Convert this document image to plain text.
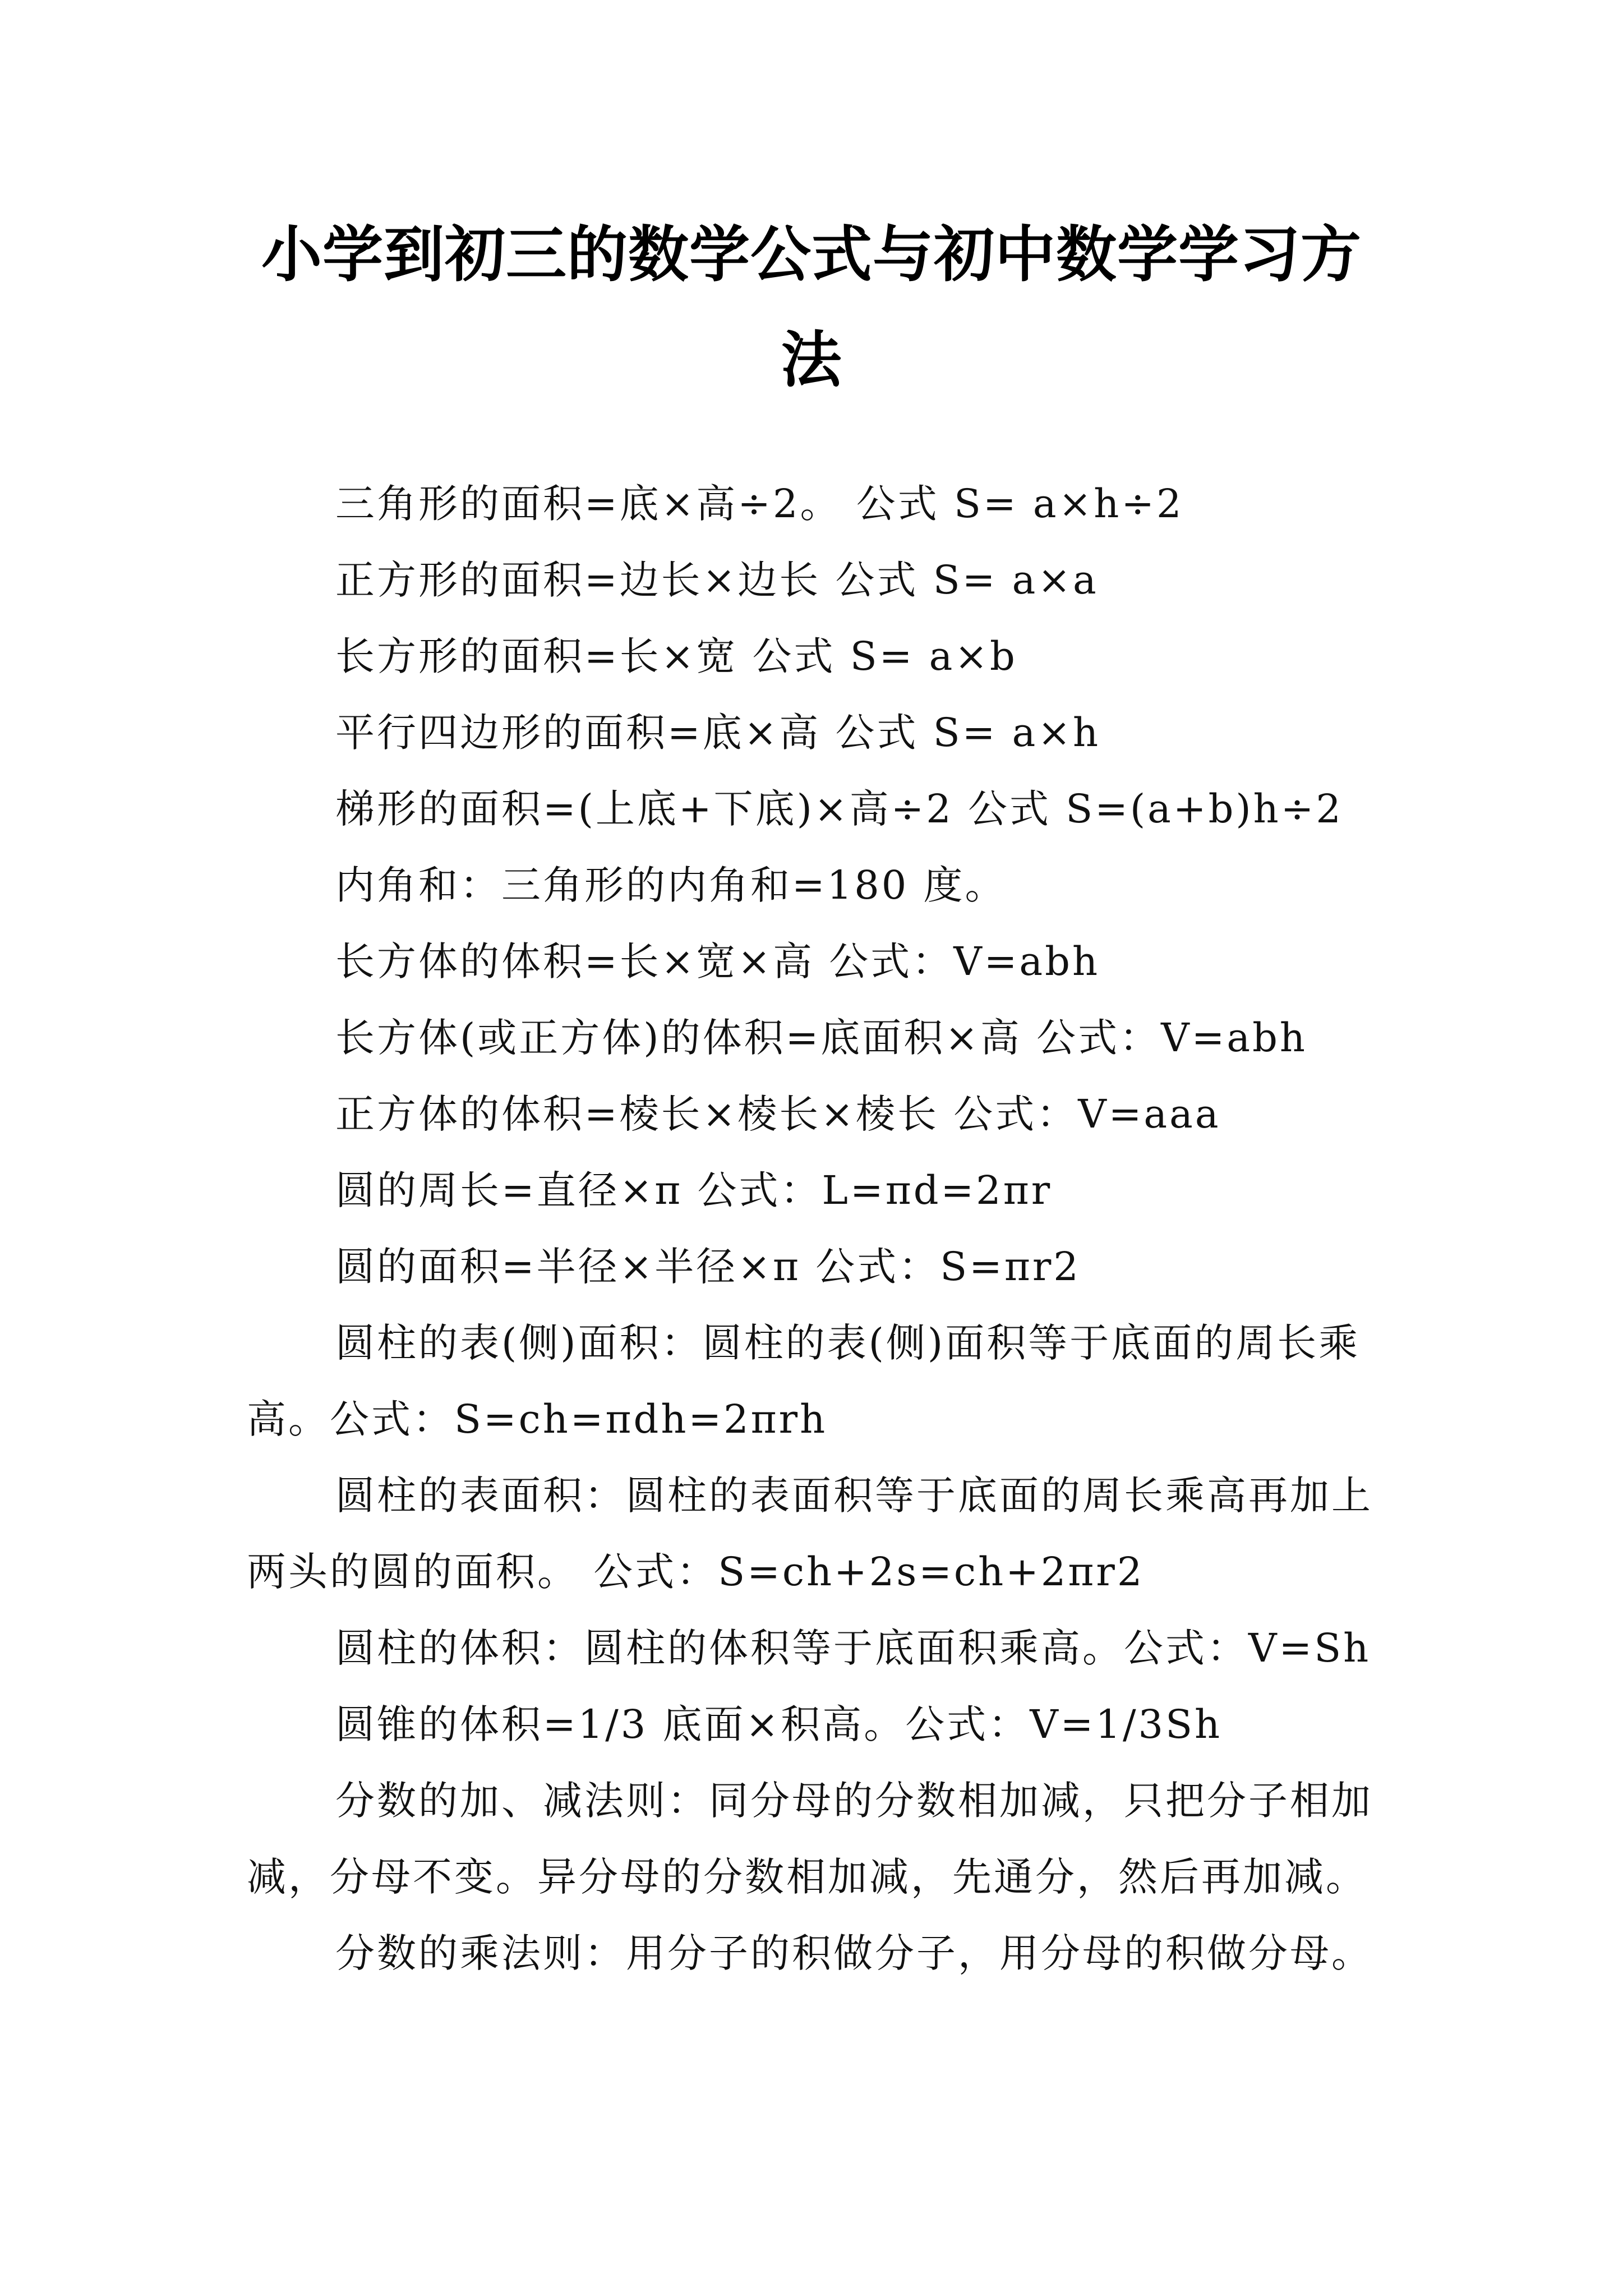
小学到初三的数学公式与初中数学学习方法

三角形的面积=底×高÷2。 公式 S= a×h÷2

正方形的面积=边长×边长 公式 S= a×a

长方形的面积=长×宽 公式 S= a×b

平行四边形的面积=底×高 公式 S= a×h

梯形的面积=(上底+下底)×高÷2 公式 S=(a+b)h÷2

内角和：三角形的内角和=180 度。

长方体的体积=长×宽×高 公式：V=abh

长方体(或正方体)的体积=底面积×高 公式：V=abh

正方体的体积=棱长×棱长×棱长 公式：V=aaa

圆的周长=直径×π 公式：L=πd=2πr

圆的面积=半径×半径×π 公式：S=πr2

圆柱的表(侧)面积：圆柱的表(侧)面积等于底面的周长乘高。公式：S=ch=πdh=2πrh

圆柱的表面积：圆柱的表面积等于底面的周长乘高再加上两头的圆的面积。 公式：S=ch+2s=ch+2πr2

圆柱的体积：圆柱的体积等于底面积乘高。公式：V=Sh

圆锥的体积=1/3 底面×积高。公式：V=1/3Sh

分数的加、减法则：同分母的分数相加减，只把分子相加减，分母不变。异分母的分数相加减，先通分，然后再加减。

分数的乘法则：用分子的积做分子，用分母的积做分母。
